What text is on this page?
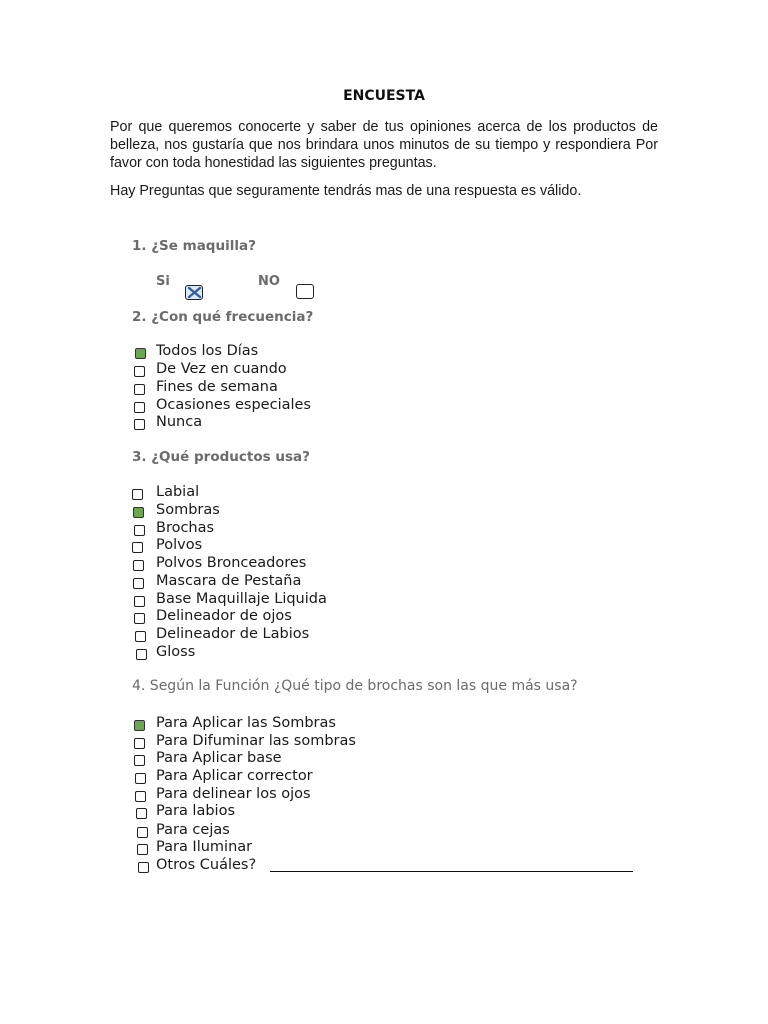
ENCUESTA
Por que queremos conocerte y saber de tus opiniones acerca de los productos de belleza, nos gustaría que nos brindara unos minutos de su tiempo y respondiera Por favor con toda honestidad las siguientes preguntas.
Hay Preguntas que seguramente tendrás mas de una respuesta es válido.
1. ¿Se maquilla?
Si	NO
2. ¿Con qué frecuencia?
Todos los Días
De Vez en cuando
Fines de semana
Ocasiones especiales
Nunca
3. ¿Qué productos usa?
Labial
Sombras
Brochas
Polvos
Polvos Bronceadores
Mascara de Pestaña
Base Maquillaje Liquida
Delineador de ojos
Delineador de Labios
Gloss
4. Según la Función ¿Qué tipo de brochas son las que más usa?
Para Aplicar las Sombras
Para Difuminar las sombras
Para Aplicar base
Para Aplicar corrector
Para delinear los ojos
Para labios
Para cejas
Para Iluminar
Otros Cuáles?
